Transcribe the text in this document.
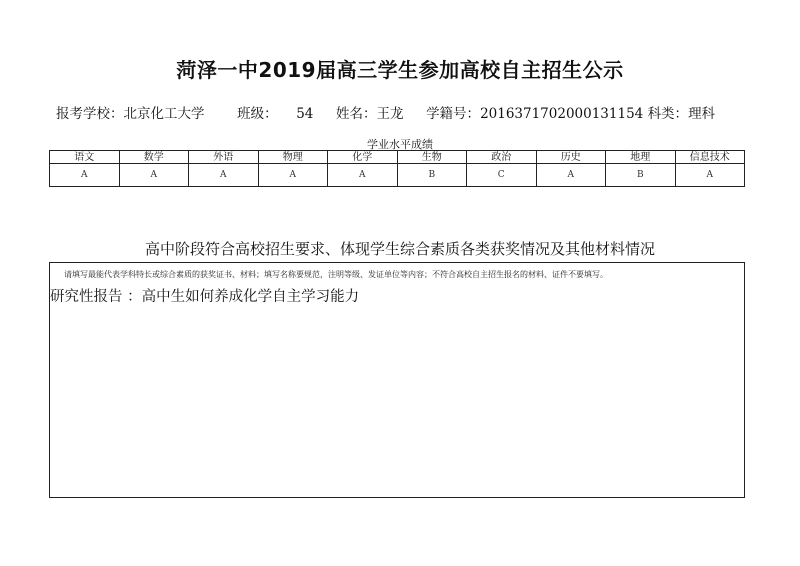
菏泽一中2019届高三学生参加高校自主招生公示
报考学校：北京化工大学 班级： 54 姓名：王龙 学籍号：2016371702000131154 科类：理科
学业水平成绩
语文	数学	外语	物理	化学	生物	政治	历史	地理	信息技术
A	A	A	A	A	B	C	A	B	A
高中阶段符合高校招生要求、体现学生综合素质各类获奖情况及其他材料情况
请填写最能代表学科特长或综合素质的获奖证书、材料；填写名称要规范，注明等级、发证单位等内容；不符合高校自主招生报名的材料、证件不要填写。
研究性报告 ：高中生如何养成化学自主学习能力
